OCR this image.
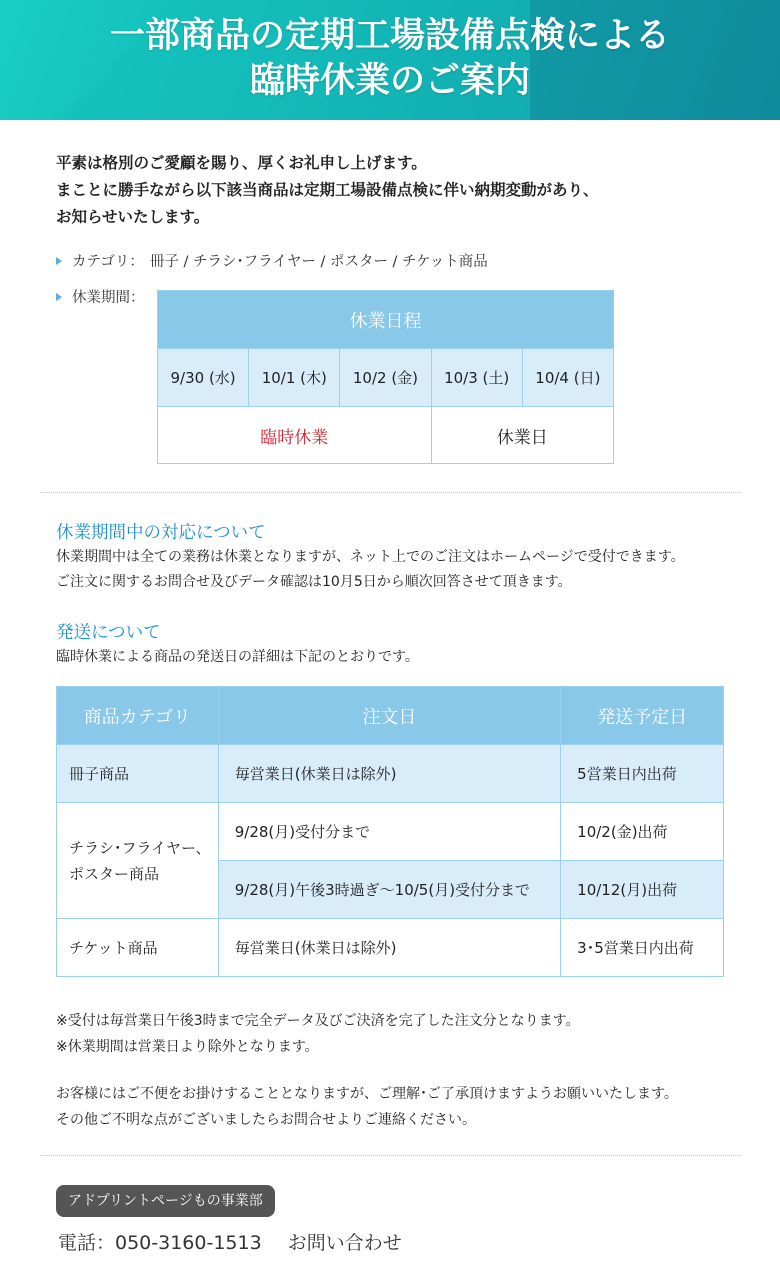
一部商品の定期工場設備点検による
臨時休業のご案内
平素は格別のご愛顧を賜り、厚くお礼申し上げます。
まことに勝手ながら以下該当商品は定期工場設備点検に伴い納期変動があり、
お知らせいたします。
カテゴリ： 冊子 / チラシ･フライヤー / ポスター / チケット商品
休業期間：
休業日程				
9/30 (水)	10/1 (木)	10/2 (金)	10/3 (土)	10/4 (日)
臨時休業			休業日	
休業期間中の対応について
休業期間中は全ての業務は休業となりますが、ネット上でのご注文はホームページで受付できます。
ご注文に関するお問合せ及びデータ確認は10月5日から順次回答させて頂きます。
発送について
臨時休業による商品の発送日の詳細は下記のとおりです。
商品カテゴリ	注文日	発送予定日
冊子商品	毎営業日(休業日は除外)	5営業日内出荷

チラシ･フライヤー、
ポスター商品	9/28(月)受付分まで	10/2(金)出荷
	9/28(月)午後3時過ぎ～10/5(月)受付分まで	10/12(月)出荷
チケット商品	毎営業日(休業日は除外)	3･5営業日内出荷
※受付は毎営業日午後3時まで完全データ及びご決済を完了した注文分となります。
※休業期間は営業日より除外となります。
お客様にはご不便をお掛けすることとなりますが、ご理解･ご了承頂けますようお願いいたします。
その他ご不明な点がございましたらお問合せよりご連絡ください。
アドプリントページもの事業部
電話：050-3160-1513 お問い合わせ
